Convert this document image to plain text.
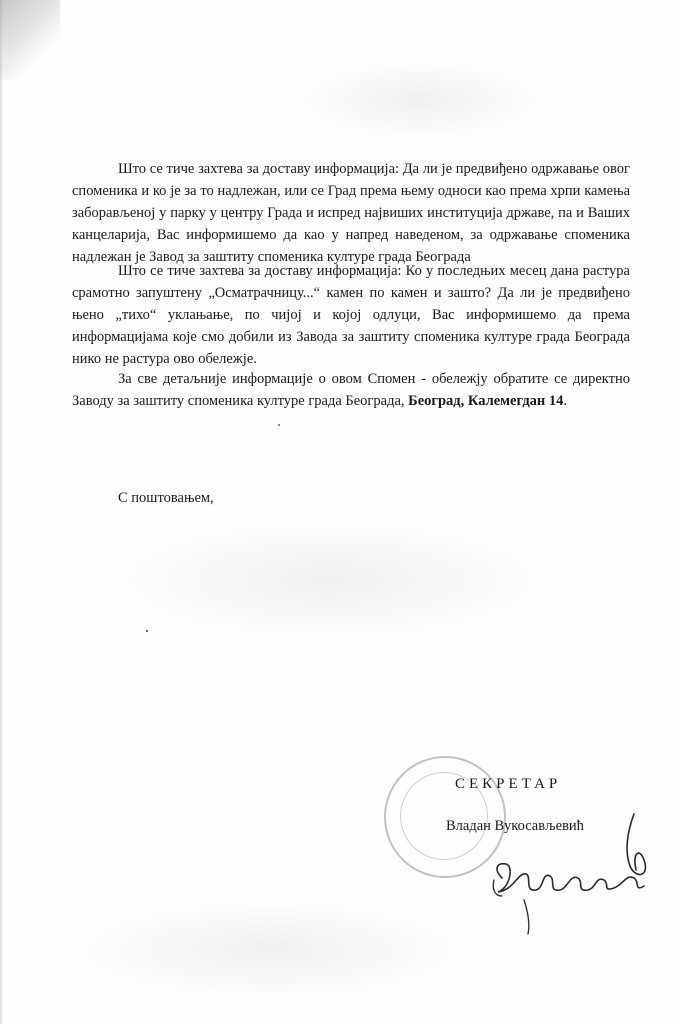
Што се тиче захтева за доставу информација: Да ли је предвиђено одржавање овог споменика и ко је за то надлежан, или се Град према њему односи као према хрпи камења заборављеној у парку у центру Града и испред највиших институција државе, па и Ваших канцеларија, Вас информишемо да као у напред наведеном, за одржавање споменика надлежан је Завод за заштиту споменика културе града Београда

Што се тиче захтева за доставу информација: Ко у последњих месец дана растура срамотно запуштену „Осматрачницу...“ камен по камен и зашто? Да ли је предвиђено њено „тихо“ уклањање, по чијој и којој одлуци, Вас информишемо да према информацијама које смо добили из Завода за заштиту споменика културе града Београда нико не растура ово обележје.

За све детаљније информације о овом Спомен - обележју обратите се директно Заводу за заштиту споменика културе града Београда, Београд, Калемегдан 14.

С поштовањем,

СЕКРЕТАР

Владан Вукосављевић
